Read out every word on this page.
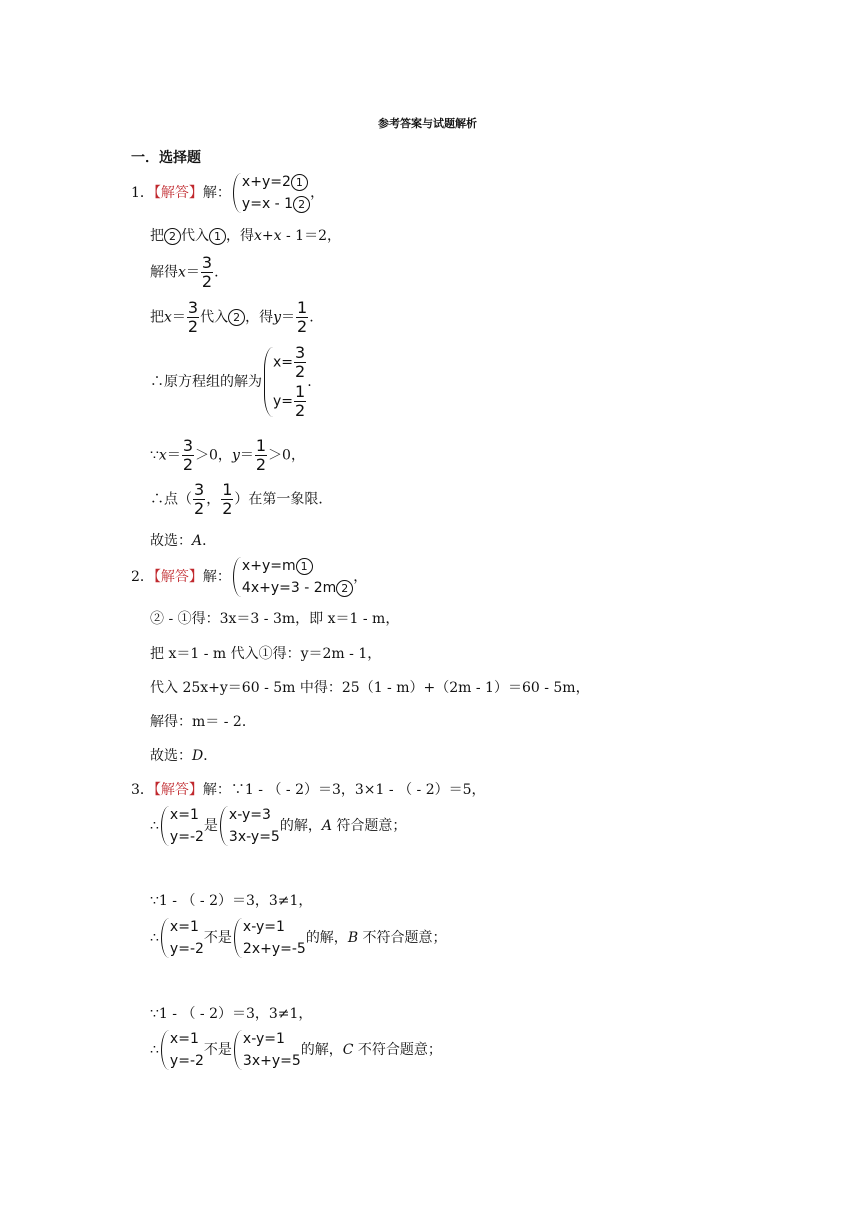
参考答案与试题解析
一．选择题
1．【解答】解：
x+y=2 1
y=x - 1 2
，
把 2 代入 1 ，得x+x - 1＝2，
解得$x= \frac{3}{2}$ .
把$x= \frac{3}{2}$ 代入 2 ，得$y= \frac{1}{2}$ .
∴原方程组的解为
$x= \frac{3}{2}$
$y= \frac{1}{2}$
.
∵x＝ $\frac{3}{2} >0$，$y= \frac{1}{2} >0$，
∴点（ $\frac{3}{2}$ ， $\frac{1}{2}$ ）在第一象限．
故选：A．
2．【解答】解：
x+y=m 1
4x+y=3 - 2m 2
，
② - ①得：3x＝3 - 3m，即 x＝1 - m，
把 x＝1 - m 代入①得：y＝2m - 1，
代入 25x+y＝60 - 5m 中得：25（1 - m）+（2m - 1）＝60 - 5m，
解得：m＝ - 2．
故选：D．
3．【解答】解：∵1 - （ - 2）＝3，3×1 - （ - 2）＝5，
∴
x=1
y=-2
是
x-y=3
3x-y=5
的解，A 符合题意；
∵1 - （ - 2）＝3，3≠1，
∴
x=1
y=-2
不是
x-y=1
2x+y=-5
的解，B 不符合题意；
∵1 - （ - 2）＝3，3≠1，
∴
x=1
y=-2
不是
x-y=1
3x+y=5
的解，C 不符合题意；
